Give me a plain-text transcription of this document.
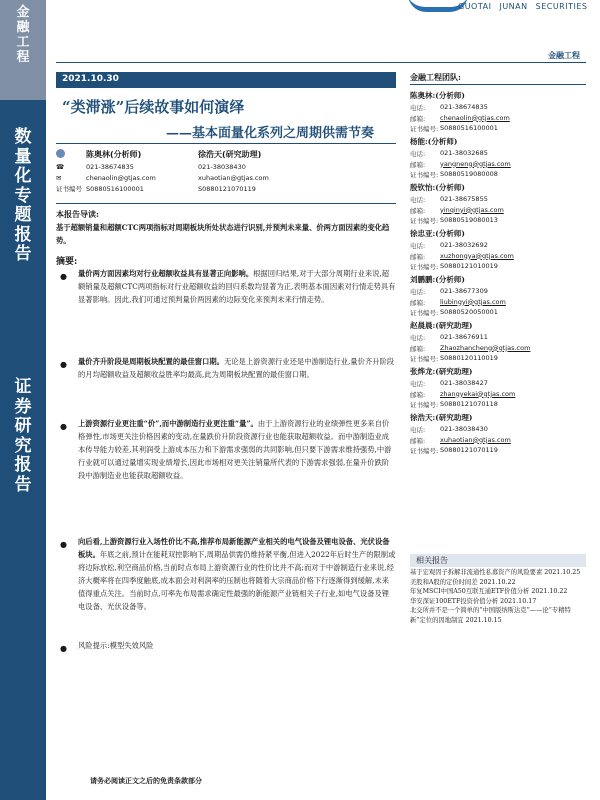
金
融
工
程
数
量
化
专
题
报
告
证
券
研
究
报
告
GUOTAI JUNAN SECURITIES
金融工程
2021.10.30
“类滞涨”后续故事如何演绎
——基本面量化系列之周期供需节奏
陈奥林(分析师)	徐浩天(研究助理)
☎	021-38674835	021-38038430
✉	chenaolin@gtjas.com	xuhaotian@gtjas.com
证书编号 S0880516100001	S0880121070119
本报告导读:
基于超额销量和超额CTC两项指标对周期板块所处状态进行识别,并预判未来量、价两方面因素的变化趋势。
摘要:
● 量价两方面因素均对行业超额收益具有显著正向影响。根据回归结果,对于大部分周期行业来说,超额销量及超额CTC两项指标对行业超额收益的回归系数均显著为正,表明基本面因素对行情走势具有显著影响。因此,我们可通过预判量价两因素的边际变化来预判未来行情走势。
● 量价齐升阶段是周期板块配置的最佳窗口期。无论是上游资源行业还是中游制造行业,量价齐升阶段的月均超额收益及超额收益胜率均最高,此为周期板块配置的最佳窗口期。
● 上游资源行业更注重“价”,而中游制造行业更注重“量”。由于上游资源行业的业绩弹性更多来自价格弹性,市场更关注价格因素的变动,在量跌价升阶段资源行业也能获取超额收益。而中游制造业成本传导能力较差,其利润受上游成本压力和下游需求强弱的共同影响,但只要下游需求维持强势,中游行业就可以通过量增实现业绩增长,因此市场相对更关注销量所代表的下游需求强弱,在量升价跌阶段中游制造业也能获取超额收益。
● 向后看,上游资源行业入场性价比不高,推荐布局新能源产业相关的电气设备及锂电设备、光伏设备板块。年底之前,预计在能耗双控影响下,周期品供需仍维持紧平衡,但进入2022年后时生产的限制或将边际放松,利空商品价格,当前时点布局上游资源行业的性价比并不高;而对于中游制造行业来说,经济大概率将在四季度触底,成本面会对利润率的压制也将随着大宗商品价格下行逐渐得到缓解,未来值得重点关注。当前时点,可率先布局需求确定性最强的新能源产业链相关子行业,如电气设备及锂电设备、光伏设备等。
● 风险提示:模型失效风险
请务必阅读正文之后的免责条款部分
金融工程团队:
陈奥林:(分析师)
电话:	021-38674835
邮箱:	chenaolin@gtjas.com
证书编号: S0880516100001
杨能:(分析师)
电话:	021-38032685
邮箱:	yangneng@gtjas.com
证书编号: S0880519080008
殷钦怡:(分析师)
电话:	021-38675855
邮箱:	yinqinyi@gtjas.com
证书编号: S0880519080013
徐忠亚:(分析师)
电话:	021-38032692
邮箱:	xuzhongya@gtjas.com
证书编号: S0880121010019
刘鹏鹏:(分析师)
电话:	021-38677309
邮箱:	liubingyi@gtjas.com
证书编号: S0880520050001
赵晨晨:(研究助理)
电话:	021-38676911
邮箱:	Zhaozhancheng@gtjas.com
证书编号: S0880120110019
张烨龙:(研究助理)
电话:	021-38038427
邮箱:	zhangyekai@gtjas.com
证书编号: S0880121070118
徐浩天:(研究助理)
电话:	021-38038430
邮箱:	xuhaotian@gtjas.com
证书编号: S0880121070119
相关报告
基于宏观因子拆解非流通性私募资产的风险要素 2021.10.25
美股和A股的定价时间差 2021.10.22
年复MSCI中国A50互联互通ETF价值分析 2021.10.22
华安深证100ETF投资价值分析 2021.10.17
北交所并不是一个简单的“中国版纳斯达克”——论“专精特新”定位的因地制宜 2021.10.15
